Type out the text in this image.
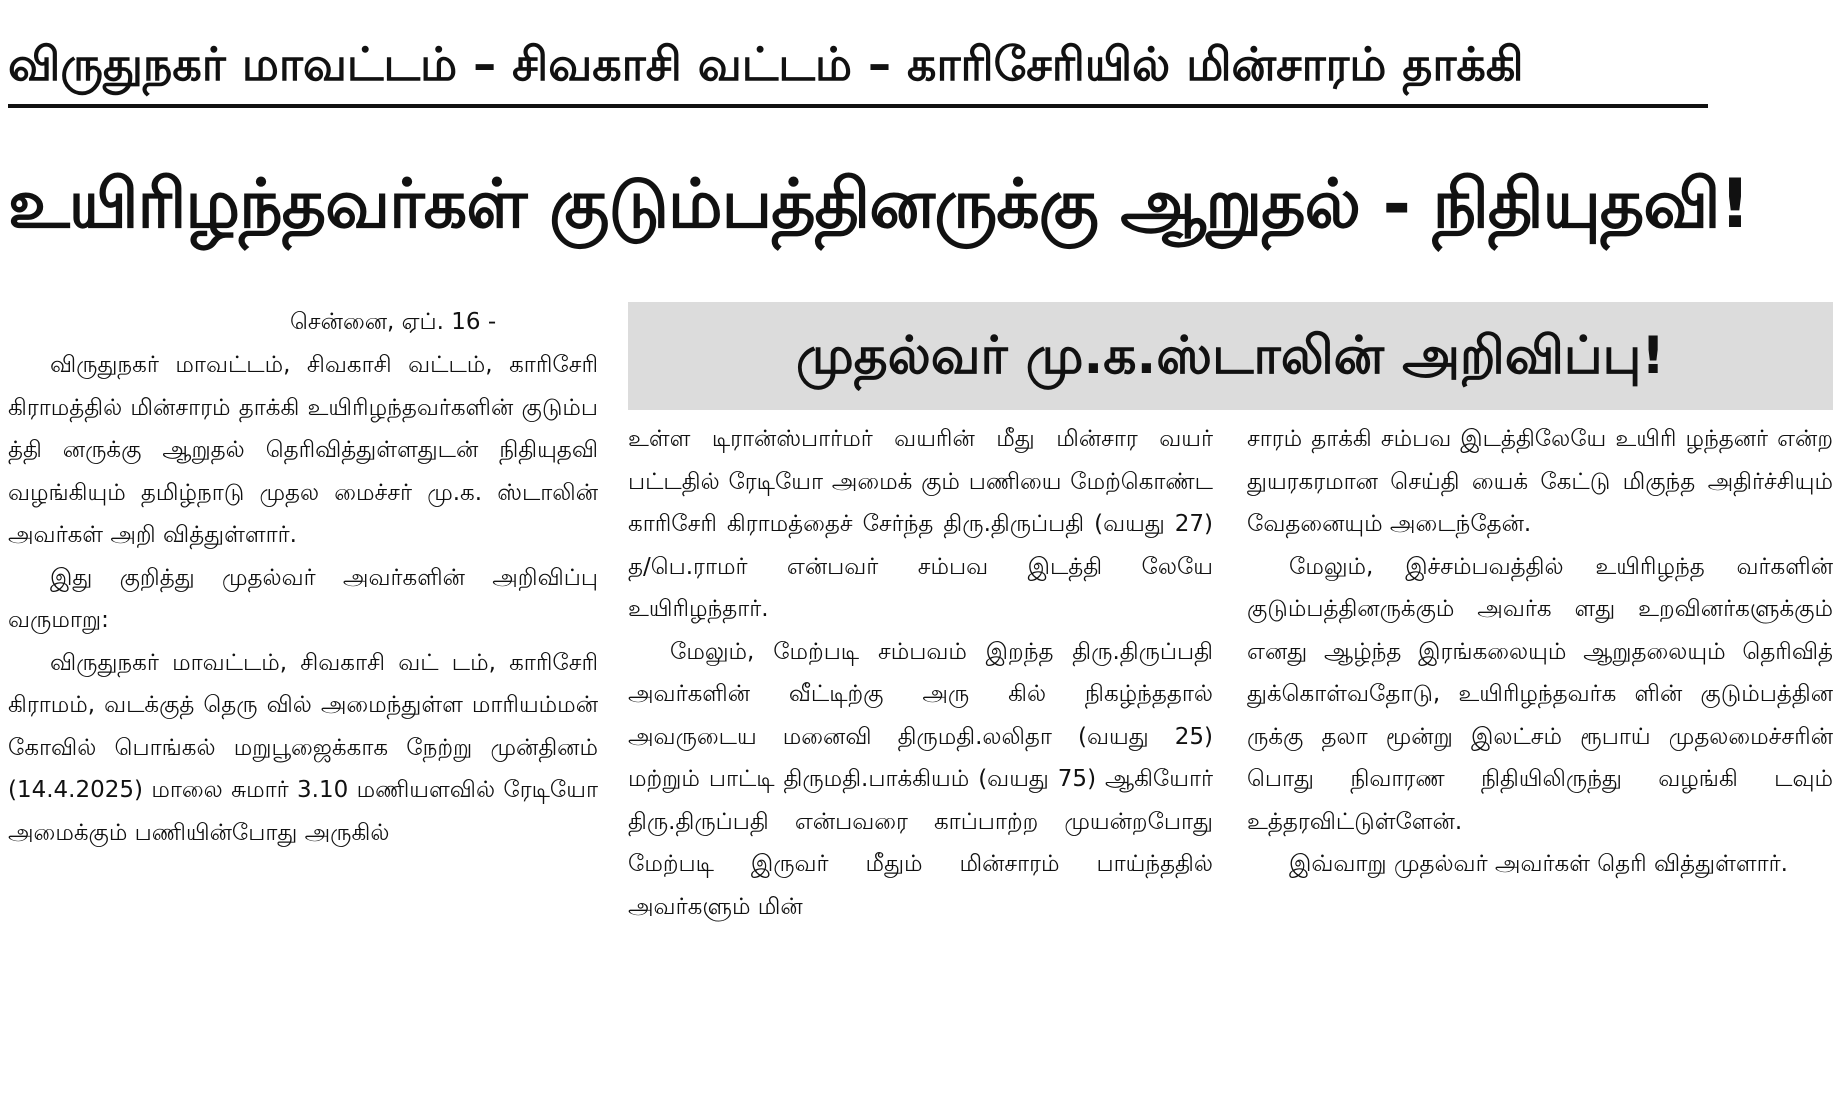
விருதுநகர் மாவட்டம் – சிவகாசி வட்டம் – காரிசேரியில் மின்சாரம் தாக்கி
உயிரிழந்தவர்கள் குடும்பத்தினருக்கு ஆறுதல் - நிதியுதவி!
சென்னை, ஏப். 16 -
முதல்வர் மு.க.ஸ்டாலின் அறிவிப்பு!

விருதுநகர் மாவட்டம், சிவகாசி வட்டம், காரிசேரி கிராமத்தில் மின்சாரம் தாக்கி உயிரிழந்தவர்களின் குடும்ப த்தி னருக்கு ஆறுதல் தெரிவித்துள்ளதுடன் நிதியுதவி வழங்கியும் தமிழ்நாடு முதல மைச்சர் மு.க. ஸ்டாலின் அவர்கள் அறி வித்துள்ளார்.

இது குறித்து முதல்வர் அவர்களின் அறிவிப்பு வருமாறு:

விருதுநகர் மாவட்டம், சிவகாசி வட் டம், காரிசேரி கிராமம், வடக்குத் தெரு வில் அமைந்துள்ள மாரியம்மன் கோவில் பொங்கல் மறுபூஜைக்காக நேற்று முன்தினம் (14.4.2025) மாலை சுமார் 3.10 மணியளவில் ரேடியோ அமைக்கும் பணியின்போது அருகில்

உள்ள டிரான்ஸ்பார்மர் வயரின் மீது மின்சார வயர் பட்டதில் ரேடியோ அமைக் கும் பணியை மேற்கொண்ட காரிசேரி கிராமத்தைச் சேர்ந்த திரு.திருப்பதி (வயது 27) த/பெ.ராமர் என்பவர் சம்பவ இடத்தி லேயே உயிரிழந்தார்.

மேலும், மேற்படி சம்பவம் இறந்த திரு.திருப்பதி அவர்களின் வீட்டிற்கு அரு கில் நிகழ்ந்ததால் அவருடைய மனைவி திருமதி.லலிதா (வயது 25) மற்றும் பாட்டி திருமதி.பாக்கியம் (வயது 75) ஆகியோர் திரு.திருப்பதி என்பவரை காப்பாற்ற முயன்றபோது மேற்படி இருவர் மீதும் மின்சாரம் பாய்ந்ததில் அவர்களும் மின்

சாரம் தாக்கி சம்பவ இடத்திலேயே உயிரி ழந்தனர் என்ற துயரகரமான செய்தி யைக் கேட்டு மிகுந்த அதிர்ச்சியும் வேதனையும் அடைந்தேன்.

மேலும், இச்சம்பவத்தில் உயிரிழந்த வர்களின் குடும்பத்தினருக்கும் அவர்க ளது உறவினர்களுக்கும் எனது ஆழ்ந்த இரங்கலையும் ஆறுதலையும் தெரிவித் துக்கொள்வதோடு, உயிரிழந்தவர்க ளின் குடும்பத்தின ருக்கு தலா மூன்று இலட்சம் ரூபாய் முதலமைச்சரின் பொது நிவாரண நிதியிலிருந்து வழங்கி டவும் உத்தரவிட்டுள்ளேன்.

இவ்வாறு முதல்வர் அவர்கள் தெரி வித்துள்ளார்.
